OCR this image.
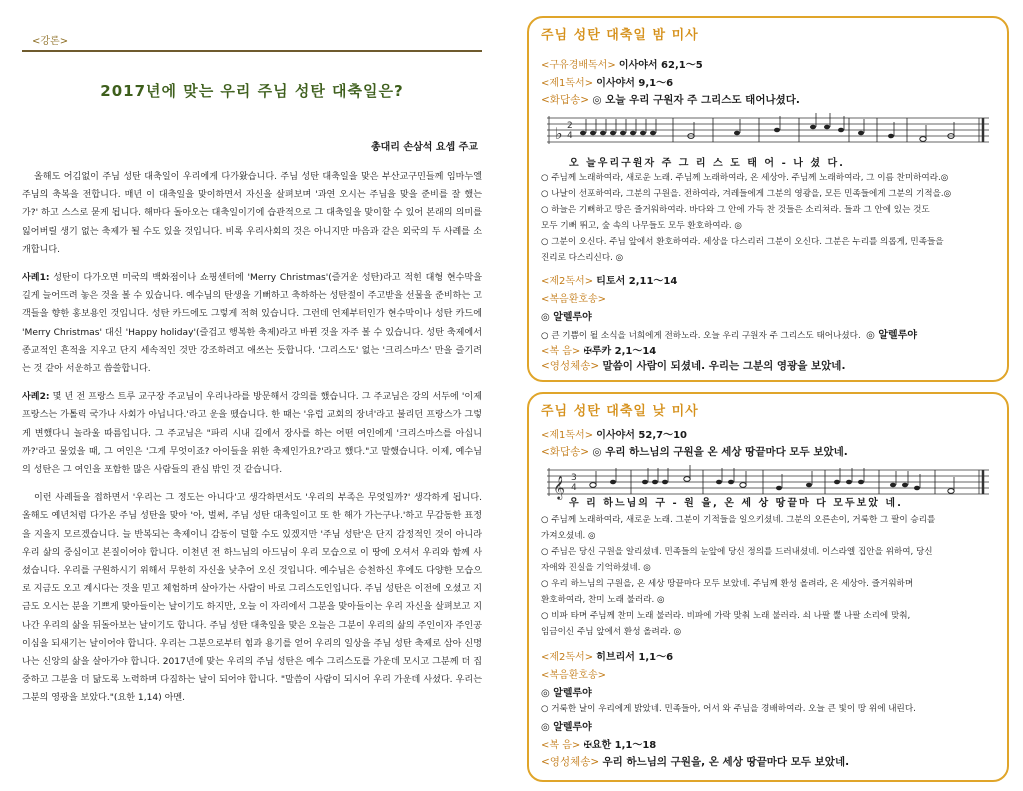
<강론>
2017년에 맞는 우리 주님 성탄 대축일은?
총대리 손삼석 요셉 주교

올해도 어김없이 주님 성탄 대축일이 우리에게 다가왔습니다. 주님 성탄 대축일을 맞은 부산교구민들께 임마누엘 주님의 축복을 전합니다. 매년 이 대축일을 맞이하면서 자신을 살펴보며 '과연 오시는 주님을 맞을 준비를 잘 했는가?' 하고 스스로 묻게 됩니다. 해마다 돌아오는 대축일이기에 습관적으로 그 대축일을 맞이할 수 있어 본래의 의미를 잃어버릴 생기 없는 축제가 될 수도 있을 것입니다. 비록 우리사회의 것은 아니지만 마음과 같은 외국의 두 사례를 소개합니다.

사례1: 성탄이 다가오면 미국의 백화점이나 쇼핑센터에 'Merry Christmas'(즐거운 성탄)라고 적힌 대형 현수막을 길게 늘어뜨려 놓은 것을 볼 수 있습니다. 예수님의 탄생을 기뻐하고 축하하는 성탄절이 주고받을 선물을 준비하는 고객들을 향한 홍보용인 것입니다. 성탄 카드에도 그렇게 적혀 있습니다. 그런데 언제부터인가 현수막이나 성탄 카드에 'Merry Christmas' 대신 'Happy holiday'(즐겁고 행복한 축제)라고 바뀐 것을 자주 볼 수 있습니다. 성탄 축제에서 종교적인 흔적을 지우고 단지 세속적인 것만 강조하려고 애쓰는 듯합니다. '그리스도' 없는 '크리스마스' 만을 즐기려는 것 같아 서운하고 씁쓸합니다.

사례2: 몇 년 전 프랑스 트루 교구장 주교님이 우리나라를 방문해서 강의를 했습니다. 그 주교님은 강의 서두에 '이제 프랑스는 가톨릭 국가나 사회가 아닙니다.'라고 운을 뗐습니다. 한 때는 '유럽 교회의 장녀'라고 불리던 프랑스가 그렇게 변했다니 놀라울 따름입니다. 그 주교님은 "파리 시내 길에서 장사를 하는 어떤 여인에게 '크리스마스를 아십니까?'라고 물었을 때, 그 여인은 '그게 무엇이죠? 아이들을 위한 축제인가요?'라고 했다."고 말했습니다. 이제, 예수님의 성탄은 그 여인을 포함한 많은 사람들의 관심 밖인 것 같습니다.

이런 사례들을 접하면서 '우리는 그 정도는 아니다'고 생각하면서도 '우리의 부족은 무엇일까?' 생각하게 됩니다. 올해도 예년처럼 다가온 주님 성탄을 맞아 '아, 벌써, 주님 성탄 대축일이고 또 한 해가 가는구나.'하고 무감동한 표정을 지을지 모르겠습니다. 늘 반복되는 축제이니 감동이 덜할 수도 있겠지만 '주님 성탄'은 단지 감정적인 것이 아니라 우리 삶의 중심이고 본질이어야 합니다. 이천년 전 하느님의 아드님이 우리 모습으로 이 땅에 오셔서 우리와 함께 사셨습니다. 우리를 구원하시기 위해서 무한히 자신을 낮추어 오신 것입니다. 예수님은 승천하신 후에도 다양한 모습으로 지금도 오고 계시다는 것을 믿고 체험하며 살아가는 사람이 바로 그리스도인입니다. 주님 성탄은 이전에 오셨고 지금도 오시는 분을 기쁘게 맞아들이는 날이기도 하지만, 오늘 이 자리에서 그분을 맞아들이는 우리 자신을 살펴보고 지나간 우리의 삶을 뒤돌아보는 날이기도 합니다. 주님 성탄 대축일을 맞은 오늘은 그분이 우리의 삶의 주인이자 주인공이심을 되새기는 날이어야 합니다. 우리는 그분으로부터 힘과 용기를 얻어 우리의 일상을 주님 성탄 축제로 삼아 신명나는 신앙의 삶을 살아가야 합니다. 2017년에 맞는 우리의 주님 성탄은 예수 그리스도를 가운데 모시고 그분께 더 집중하고 그분을 더 닮도록 노력하며 다짐하는 날이 되어야 합니다. "말씀이 사람이 되시어 우리 가운데 사셨다. 우리는 그분의 영광을 보았다."(요한 1,14) 아멘.

주님 성탄 대축일 밤 미사
<구유경배독서> 이사야서 62,1～5
<제1독서> 이사야서 9,1～6
<화답송> ◎ 오늘 우리 구원자 주 그리스도 태어나셨다.
♭ 2
4
오 늘우리구원자 주 그 리 스 도 태 어 - 나 셨 다.
○ 주님께 노래하여라, 새로운 노래. 주님께 노래하여라, 온 세상아. 주님께 노래하여라, 그 이름 찬미하여라.◎
○ 나날이 선포하여라, 그분의 구원을. 전하여라, 겨레들에게 그분의 영광을, 모든 민족들에게 그분의 기적을.◎
○ 하늘은 기뻐하고 땅은 즐거워하여라. 바다와 그 안에 가득 찬 것들은 소리쳐라. 들과 그 안에 있는 것도
모두 기뻐 뛰고, 숲 속의 나무들도 모두 환호하여라. ◎
○ 그분이 오신다. 주님 앞에서 환호하여라. 세상을 다스리러 그분이 오신다. 그분은 누리를 의롭게, 민족들을
진리로 다스리신다. ◎
<제2독서> 티토서 2,11～14
<복음환호송>
◎ 알렐루야
○ 큰 기쁨이 될 소식을 너희에게 전하노라. 오늘 우리 구원자 주 그리스도 태어나셨다. ◎ 알렐루야
<복 음> ✠루카 2,1～14
<영성체송> 말씀이 사람이 되셨네. 우리는 그분의 영광을 보았네.
주님 성탄 대축일 낮 미사
<제1독서> 이사야서 52,7～10
<화답송> ◎ 우리 하느님의 구원을 온 세상 땅끝마다 모두 보았네.
𝄞 3
4
우 리 하느님의 구 - 원 을, 온 세 상 땅끝마 다 모두보았 네.
○ 주님께 노래하여라, 새로운 노래. 그분이 기적들을 일으키셨네. 그분의 오른손이, 거룩한 그 팔이 승리를
가져오셨네. ◎
○ 주님은 당신 구원을 알리셨네. 민족들의 눈앞에 당신 정의를 드러내셨네. 이스라엘 집안을 위하여, 당신
자애와 진실을 기억하셨네. ◎
○ 우리 하느님의 구원을, 온 세상 땅끝마다 모두 보았네. 주님께 환성 올려라, 온 세상아. 즐거워하며
환호하여라, 찬미 노래 불러라. ◎
○ 비파 타며 주님께 찬미 노래 불러라. 비파에 가락 맞춰 노래 불러라. 쇠 나팔 뿔 나팔 소리에 맞춰,
임금이신 주님 앞에서 환성 올려라. ◎
<제2독서> 히브리서 1,1～6
<복음환호송>
◎ 알렐루야
○ 거룩한 날이 우리에게 밝았네. 민족들아, 어서 와 주님을 경배하여라. 오늘 큰 빛이 땅 위에 내린다.
◎ 알렐루야
<복 음> ✠요한 1,1～18
<영성체송> 우리 하느님의 구원을, 온 세상 땅끝마다 모두 보았네.
